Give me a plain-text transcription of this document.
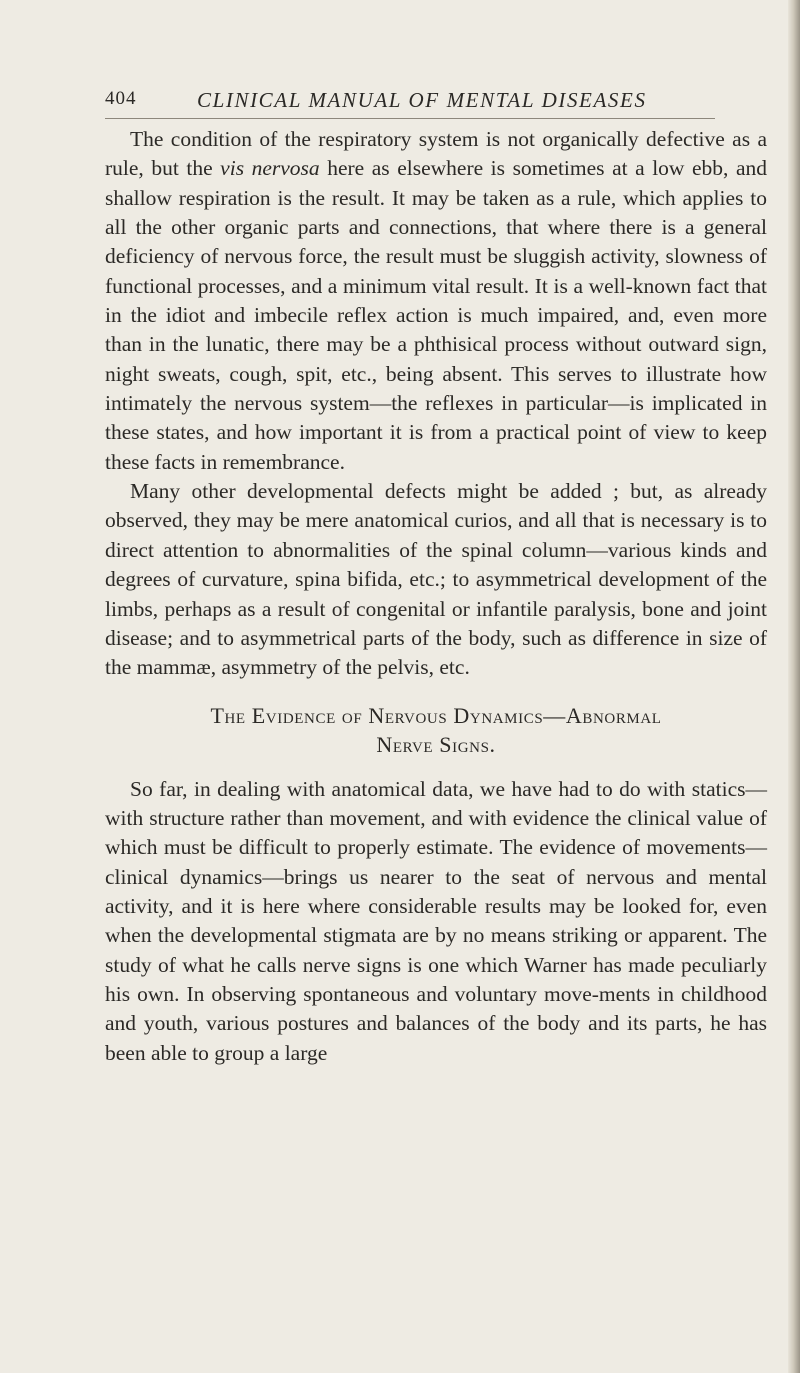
404	CLINICAL MANUAL OF MENTAL DISEASES

The condition of the respiratory system is not organically defective as a rule, but the vis nervosa here as elsewhere is sometimes at a low ebb, and shallow respiration is the result. It may be taken as a rule, which applies to all the other organic parts and connections, that where there is a general deficiency of nervous force, the result must be sluggish activity, slowness of functional processes, and a minimum vital result. It is a well-known fact that in the idiot and imbecile reflex action is much impaired, and, even more than in the lunatic, there may be a phthisical process without outward sign, night sweats, cough, spit, etc., being absent. This serves to illustrate how intimately the nervous system—the reflexes in particular—is implicated in these states, and how important it is from a practical point of view to keep these facts in remembrance.

Many other developmental defects might be added ; but, as already observed, they may be mere anatomical curios, and all that is necessary is to direct attention to abnormalities of the spinal column—various kinds and degrees of curvature, spina bifida, etc.; to asymmetrical development of the limbs, perhaps as a result of congenital or infantile paralysis, bone and joint disease; and to asymmetrical parts of the body, such as difference in size of the mammæ, asymmetry of the pelvis, etc.

The Evidence of Nervous Dynamics—Abnormal
Nerve Signs.

So far, in dealing with anatomical data, we have had to do with statics—with structure rather than movement, and with evidence the clinical value of which must be difficult to properly estimate. The evidence of movements—clinical dynamics—brings us nearer to the seat of nervous and mental activity, and it is here where considerable results may be looked for, even when the developmental stigmata are by no means striking or apparent. The study of what he calls nerve signs is one which Warner has made peculiarly his own. In observing spontaneous and voluntary move-ments in childhood and youth, various postures and balances of the body and its parts, he has been able to group a large
